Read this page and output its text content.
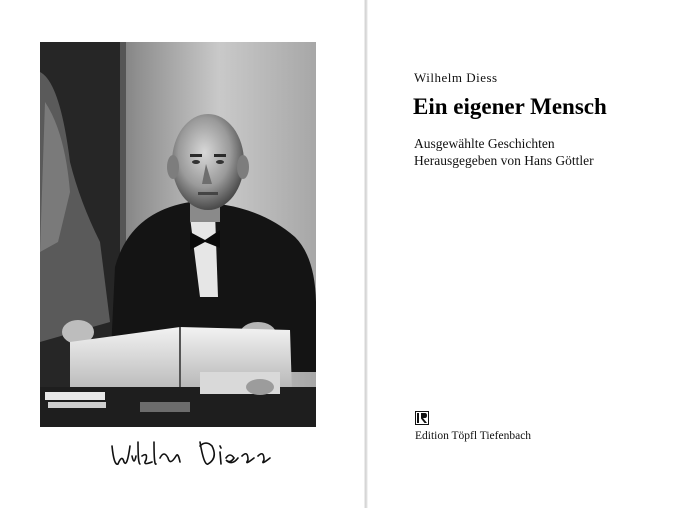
Wilhelm Diess

Ein eigener Mensch

Ausgewählte Geschichten

Herausgegeben von Hans Göttler

Edition Töpfl Tiefenbach
